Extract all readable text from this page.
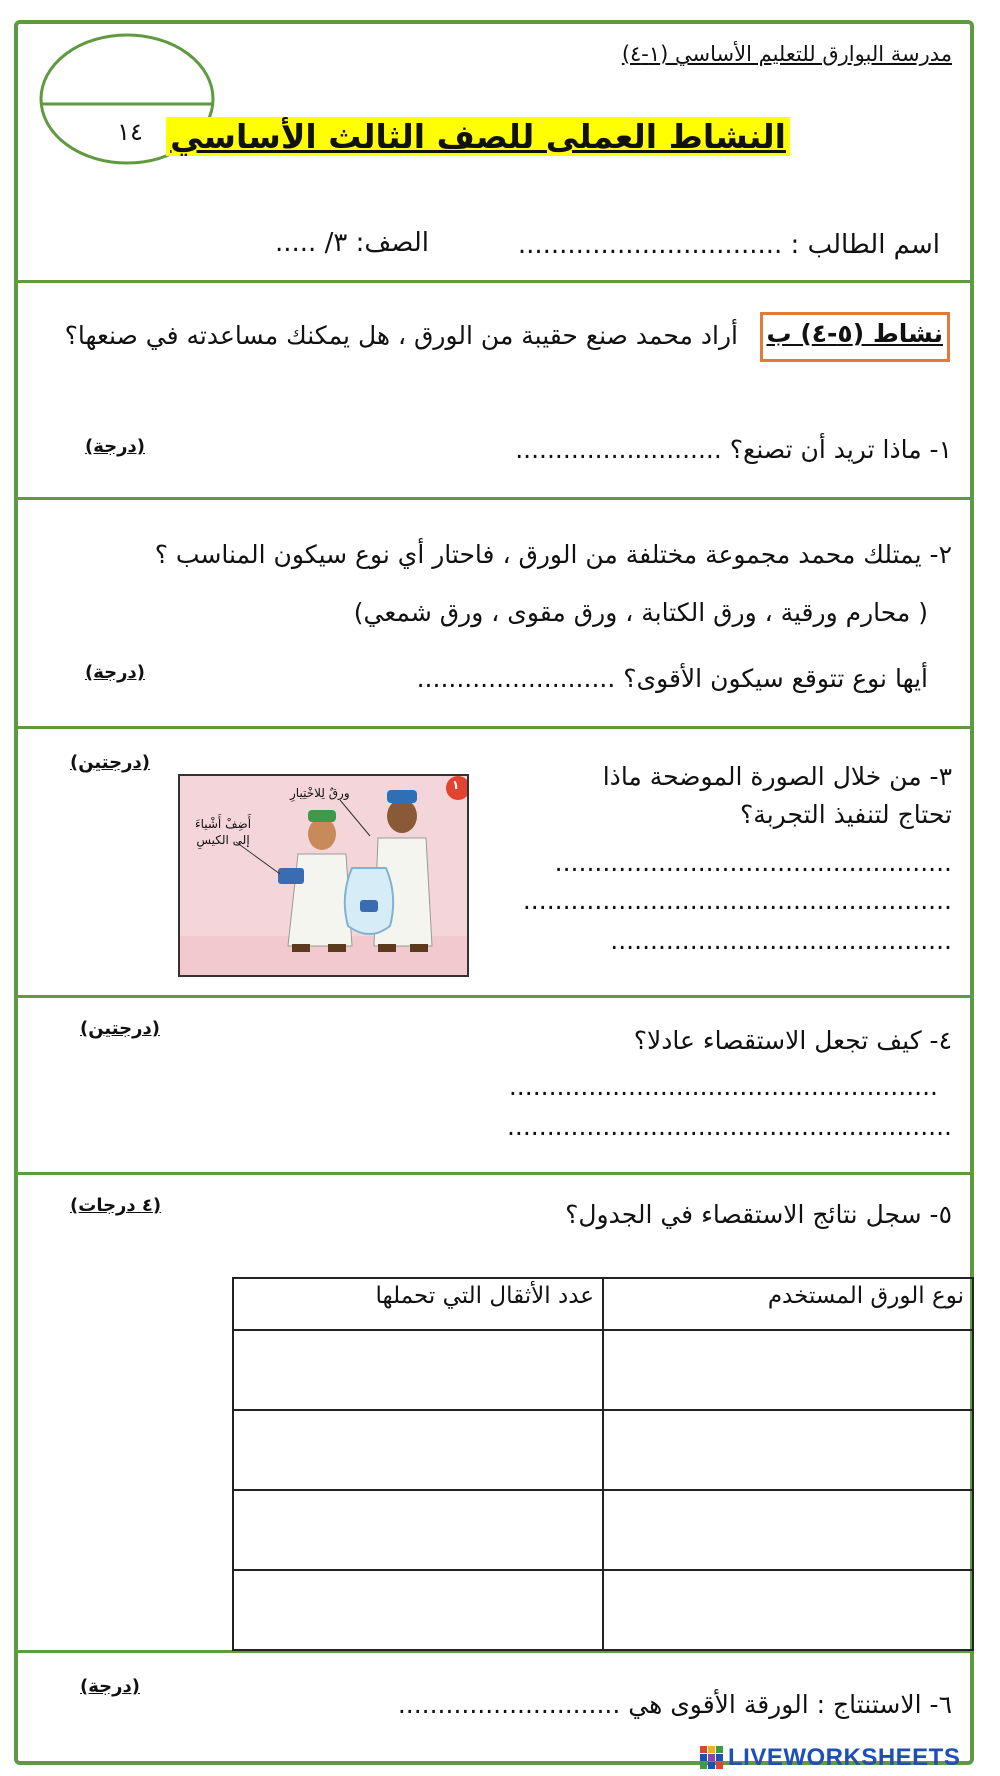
مدرسة البوارق للتعليم الأساسي (١-٤)
١٤ النشاط العملى للصف الثالث الأساسي
اسم الطالب : ................................
الصف: ٣/ .....
نشاط (٥-٤) ب
أراد محمد صنع حقيبة من الورق ، هل يمكنك مساعدته في صنعها؟
١- ماذا تريد أن تصنع؟ ..........................
(درجة)
٢- يمتلك محمد مجموعة مختلفة من الورق ، فاحتار أي نوع سيكون المناسب ؟
( محارم ورقية ، ورق الكتابة ، ورق مقوى ، ورق شمعي)
أيها نوع تتوقع سيكون الأقوى؟ .........................
(درجة)
(درجتين)	٣- من خلال الصورة الموضحة ماذا
تحتاج لتنفيذ التجربة؟
..................................................
......................................................
...........................................
ورقٌ لِلاخْتِيارِ
أَضِفْ أَشْياءَ إلى الكيسِ
١
(درجتين)	٤- كيف تجعل الاستقصاء عادلا؟
......................................................
........................................................
(٤ درجات)	٥- سجل نتائج الاستقصاء في الجدول؟
نوع الورق المستخدم	عدد الأثقال التي تحملها

(درجة)
٦- الاستنتاج : الورقة الأقوى هي ............................
LIVEWORKSHEETS
